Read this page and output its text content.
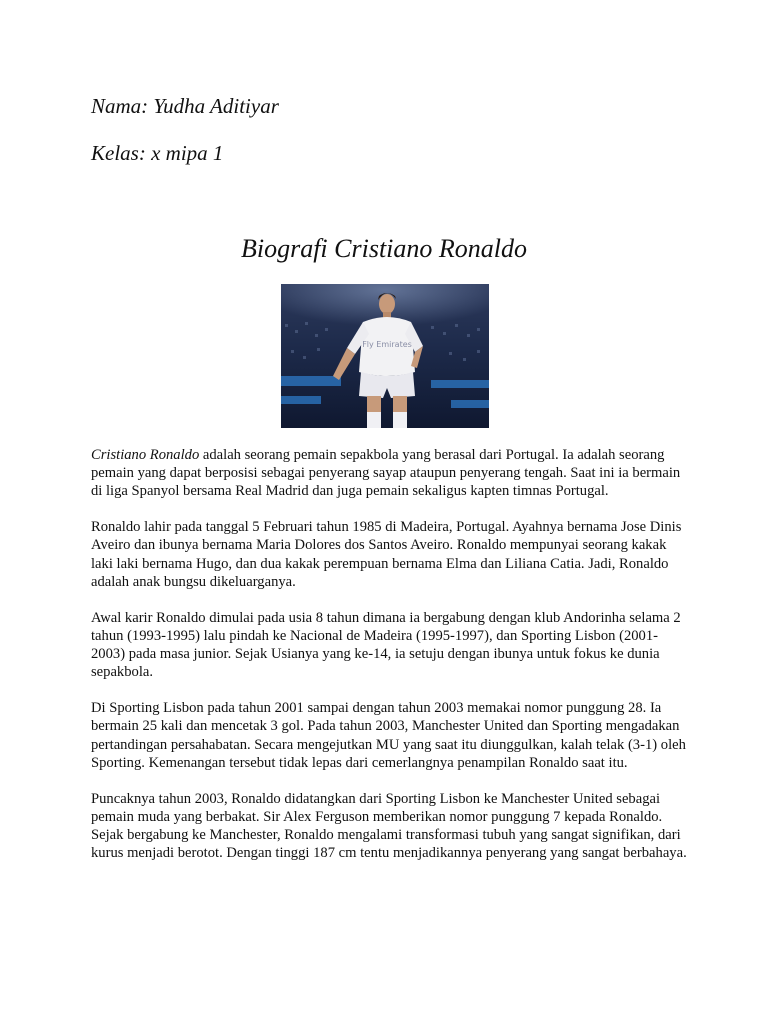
Nama: Yudha Aditiyar
Kelas: x mipa 1
Biografi Cristiano Ronaldo
Fly Emirates

Cristiano Ronaldo adalah seorang pemain sepakbola yang berasal dari Portugal. Ia adalah seorang pemain yang dapat berposisi sebagai penyerang sayap ataupun penyerang tengah. Saat ini ia bermain di liga Spanyol bersama Real Madrid dan juga pemain sekaligus kapten timnas Portugal.

Ronaldo lahir pada tanggal 5 Februari tahun 1985 di Madeira, Portugal. Ayahnya bernama Jose Dinis Aveiro dan ibunya bernama Maria Dolores dos Santos Aveiro. Ronaldo mempunyai seorang kakak laki laki bernama Hugo, dan dua kakak perempuan bernama Elma dan Liliana Catia. Jadi, Ronaldo adalah anak bungsu dikeluarganya.

Awal karir Ronaldo dimulai pada usia 8 tahun dimana ia bergabung dengan klub Andorinha selama 2 tahun (1993-1995) lalu pindah ke Nacional de Madeira (1995-1997), dan Sporting Lisbon (2001-2003) pada masa junior. Sejak Usianya yang ke-14, ia setuju dengan ibunya untuk fokus ke dunia sepakbola.

Di Sporting Lisbon pada tahun 2001 sampai dengan tahun 2003 memakai nomor punggung 28. Ia bermain 25 kali dan mencetak 3 gol. Pada tahun 2003, Manchester United dan Sporting mengadakan pertandingan persahabatan. Secara mengejutkan MU yang saat itu diunggulkan, kalah telak (3-1) oleh Sporting. Kemenangan tersebut tidak lepas dari cemerlangnya penampilan Ronaldo saat itu.

Puncaknya tahun 2003, Ronaldo didatangkan dari Sporting Lisbon ke Manchester United sebagai pemain muda yang berbakat. Sir Alex Ferguson memberikan nomor punggung 7 kepada Ronaldo. Sejak bergabung ke Manchester, Ronaldo mengalami transformasi tubuh yang sangat signifikan, dari kurus menjadi berotot. Dengan tinggi 187 cm tentu menjadikannya penyerang yang sangat berbahaya.
